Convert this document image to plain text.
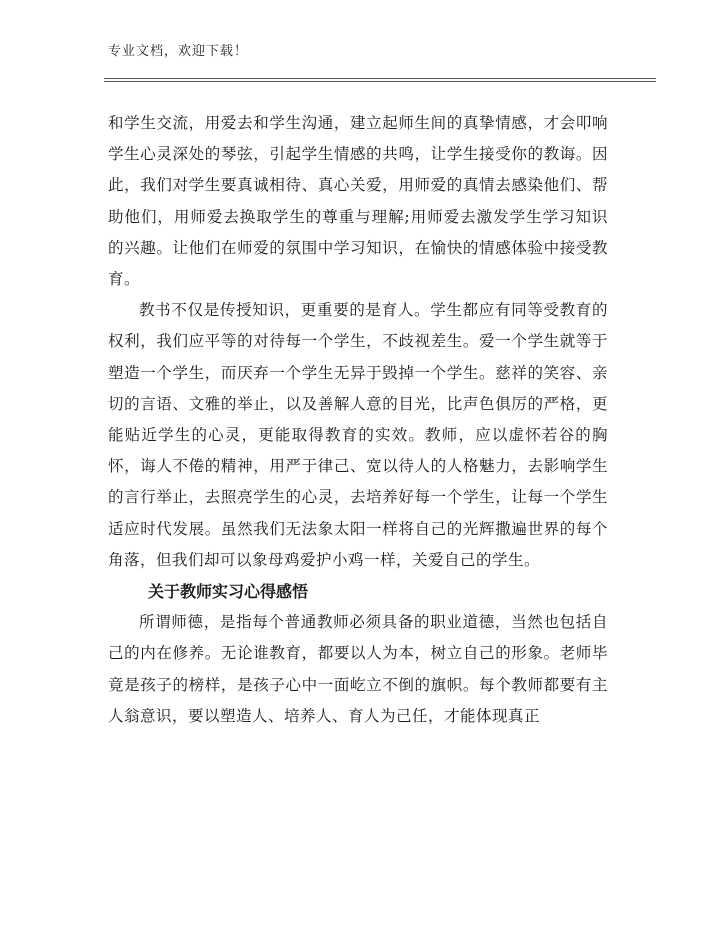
专业文档，欢迎下载！

和学生交流，用爱去和学生沟通，建立起师生间的真挚情感，才会叩响学生心灵深处的琴弦，引起学生情感的共鸣，让学生接受你的教诲。因此，我们对学生要真诚相待、真心关爱，用师爱的真情去感染他们、帮助他们，用师爱去换取学生的尊重与理解;用师爱去激发学生学习知识的兴趣。让他们在师爱的氛围中学习知识，在愉快的情感体验中接受教育。

教书不仅是传授知识，更重要的是育人。学生都应有同等受教育的权利，我们应平等的对待每一个学生，不歧视差生。爱一个学生就等于塑造一个学生，而厌弃一个学生无异于毁掉一个学生。慈祥的笑容、亲切的言语、文雅的举止，以及善解人意的目光，比声色俱厉的严格，更能贴近学生的心灵，更能取得教育的实效。教师，应以虚怀若谷的胸怀，诲人不倦的精神，用严于律己、宽以待人的人格魅力，去影响学生的言行举止，去照亮学生的心灵，去培养好每一个学生，让每一个学生适应时代发展。虽然我们无法象太阳一样将自己的光辉撒遍世界的每个角落，但我们却可以象母鸡爱护小鸡一样，关爱自己的学生。

关于教师实习心得感悟

所谓师德，是指每个普通教师必须具备的职业道德，当然也包括自己的内在修养。无论谁教育，都要以人为本，树立自己的形象。老师毕竟是孩子的榜样，是孩子心中一面屹立不倒的旗帜。每个教师都要有主人翁意识，要以塑造人、培养人、育人为己任，才能体现真正
